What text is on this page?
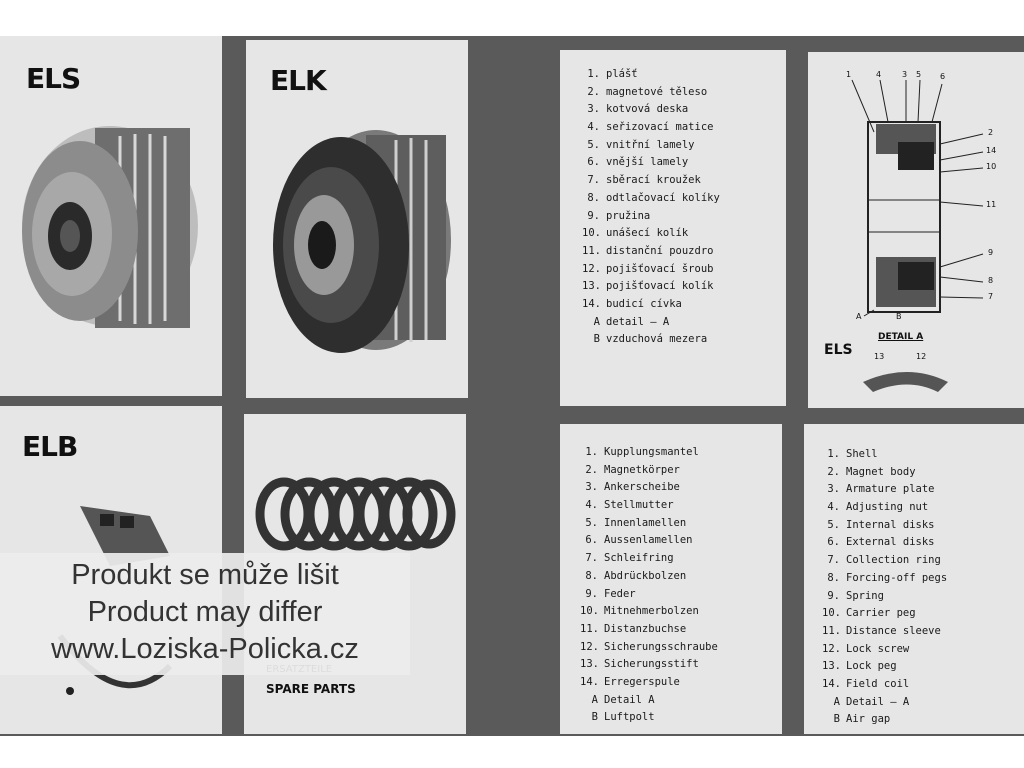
ELS	ELK
ELB
SPARE PARTS
1. plášť
2. magnetové těleso
3. kotvová deska
4. seřizovací matice
5. vnitřní lamely
6. vnější lamely
7. sběrací kroužek
8. odtlačovací kolíky
9. pružina
10. unášecí kolík
11. distanční pouzdro
12. pojišťovací šroub
13. pojišťovací kolík
14. budicí cívka
A detail — A
B vzduchová mezera
1	4	3 5 6
2
14
10
11
9
8
7
A	B
DETAIL A
ELS	13	12
1. Kupplungsmantel
2. Magnetkörper
3. Ankerscheibe
4. Stellmutter
5. Innenlamellen
6. Aussenlamellen
7. Schleifring
8. Abdrückbolzen
9. Feder
10. Mitnehmerbolzen
11. Distanzbuchse
12. Sicherungsschraube
13. Sicherungsstift
14. Erregerspule
A Detail A
B Luftpolt
1. Shell
2. Magnet body
3. Armature plate
4. Adjusting nut
5. Internal disks
6. External disks
7. Collection ring
8. Forcing-off pegs
9. Spring
10. Carrier peg
11. Distance sleeve
12. Lock screw
13. Lock peg
14. Field coil
A Detail — A
B Air gap
Produkt se může lišit
Product may differ
www.Loziska-Policka.cz
